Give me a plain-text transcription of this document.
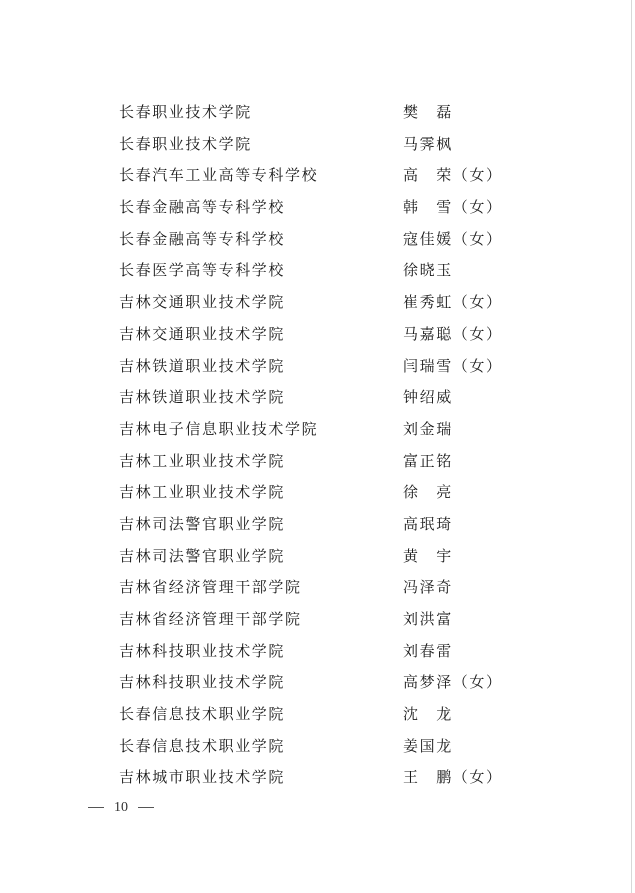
长春职业技术学院	樊　磊
长春职业技术学院	马霁枫
长春汽车工业高等专科学校	高　荣（女）
长春金融高等专科学校	韩　雪（女）
长春金融高等专科学校	寇佳媛（女）
长春医学高等专科学校	徐晓玉
吉林交通职业技术学院	崔秀虹（女）
吉林交通职业技术学院	马嘉聪（女）
吉林铁道职业技术学院	闫瑞雪（女）
吉林铁道职业技术学院	钟绍威
吉林电子信息职业技术学院	刘金瑞
吉林工业职业技术学院	富正铭
吉林工业职业技术学院	徐　亮
吉林司法警官职业学院	高珉琦
吉林司法警官职业学院	黄　宇
吉林省经济管理干部学院	冯泽奇
吉林省经济管理干部学院	刘洪富
吉林科技职业技术学院	刘春雷
吉林科技职业技术学院	高梦泽（女）
长春信息技术职业学院	沈　龙
长春信息技术职业学院	姜国龙
吉林城市职业技术学院	王　鹏（女）
10
